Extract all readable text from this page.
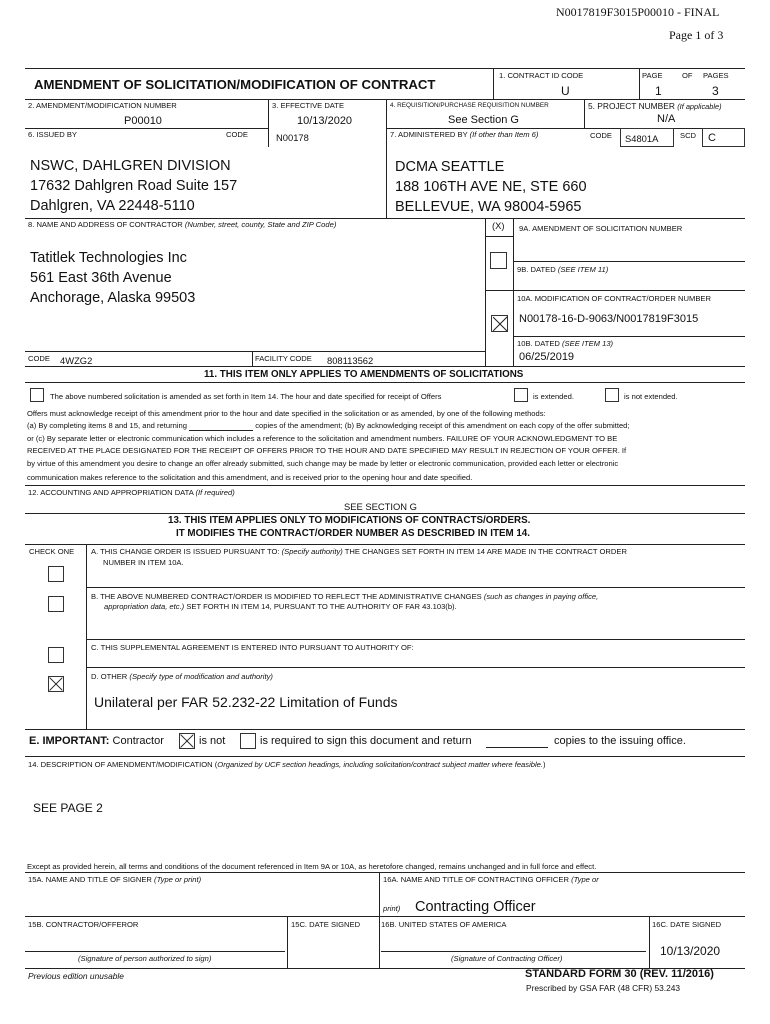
N0017819F3015P00010 - FINAL
Page 1 of 3
AMENDMENT OF SOLICITATION/MODIFICATION OF CONTRACT
1. CONTRACT ID CODE
U
PAGE	OF PAGES
1	3
2. AMENDMENT/MODIFICATION NUMBER
P00010
3. EFFECTIVE DATE
10/13/2020
4. REQUISITION/PURCHASE REQUISITION NUMBER
See Section G
5. PROJECT NUMBER (If applicable)
N/A
6. ISSUED BY	CODE	N00178	7. ADMINISTERED BY (If other than Item 6)	CODE S4801A	SCD C
NSWC, DAHLGREN DIVISION
17632 Dahlgren Road Suite 157
Dahlgren, VA 22448-5110
DCMA SEATTLE
188 106TH AVE NE, STE 660
BELLEVUE, WA 98004-5965
8. NAME AND ADDRESS OF CONTRACTOR (Number, street, county, State and ZIP Code)	(X) 9A. AMENDMENT OF SOLICITATION NUMBER
9B. DATED (SEE ITEM 11)
10A. MODIFICATION OF CONTRACT/ORDER NUMBER
N00178-16-D-9063/N0017819F3015
10B. DATED (SEE ITEM 13)
06/25/2019
Tatitlek Technologies Inc
561 East 36th Avenue
Anchorage, Alaska 99503
CODE 4WZG2	FACILITY CODE 808113562
11. THIS ITEM ONLY APPLIES TO AMENDMENTS OF SOLICITATIONS
The above numbered solicitation is amended as set forth in Item 14. The hour and date specified for receipt of Offers	is extended.	is not extended.
Offers must acknowledge receipt of this amendment prior to the hour and date specified in the solicitation or as amended, by one of the following methods:
(a) By completing items 8 and 15, and returning	copies of the amendment; (b) By acknowledging receipt of this amendment on each copy of the offer submitted;
or (c) By separate letter or electronic communication which includes a reference to the solicitation and amendment numbers. FAILURE OF YOUR ACKNOWLEDGMENT TO BE
RECEIVED AT THE PLACE DESIGNATED FOR THE RECEIPT OF OFFERS PRIOR TO THE HOUR AND DATE SPECIFIED MAY RESULT IN REJECTION OF YOUR OFFER. If
by virtue of this amendment you desire to change an offer already submitted, such change may be made by letter or electronic communication, provided each letter or electronic
communication makes reference to the solicitation and this amendment, and is received prior to the opening hour and date specified.
12. ACCOUNTING AND APPROPRIATION DATA (If required)
SEE SECTION G
13. THIS ITEM APPLIES ONLY TO MODIFICATIONS OF CONTRACTS/ORDERS.
IT MODIFIES THE CONTRACT/ORDER NUMBER AS DESCRIBED IN ITEM 14.
CHECK ONE A. THIS CHANGE ORDER IS ISSUED PURSUANT TO: (Specify authority) THE CHANGES SET FORTH IN ITEM 14 ARE MADE IN THE CONTRACT ORDER
NUMBER IN ITEM 10A.
B. THE ABOVE NUMBERED CONTRACT/ORDER IS MODIFIED TO REFLECT THE ADMINISTRATIVE CHANGES (such as changes in paying office,
appropriation data, etc.) SET FORTH IN ITEM 14, PURSUANT TO THE AUTHORITY OF FAR 43.103(b).
C. THIS SUPPLEMENTAL AGREEMENT IS ENTERED INTO PURSUANT TO AUTHORITY OF:
D. OTHER (Specify type of modification and authority)
Unilateral per FAR 52.232-22 Limitation of Funds
E. IMPORTANT: Contractor	is not	is required to sign this document and return	copies to the issuing office.
14. DESCRIPTION OF AMENDMENT/MODIFICATION (Organized by UCF section headings, including solicitation/contract subject matter where feasible.)
SEE PAGE 2
Except as provided herein, all terms and conditions of the document referenced in Item 9A or 10A, as heretofore changed, remains unchanged and in full force and effect.
15A. NAME AND TITLE OF SIGNER (Type or print)	16A. NAME AND TITLE OF CONTRACTING OFFICER (Type or
print) Contracting Officer
15B. CONTRACTOR/OFFEROR	15C. DATE SIGNED	16B. UNITED STATES OF AMERICA	16C. DATE SIGNED
10/13/2020
(Signature of person authorized to sign)	(Signature of Contracting Officer)
Previous edition unusable	STANDARD FORM 30 (REV. 11/2016)
Prescribed by GSA FAR (48 CFR) 53.243
